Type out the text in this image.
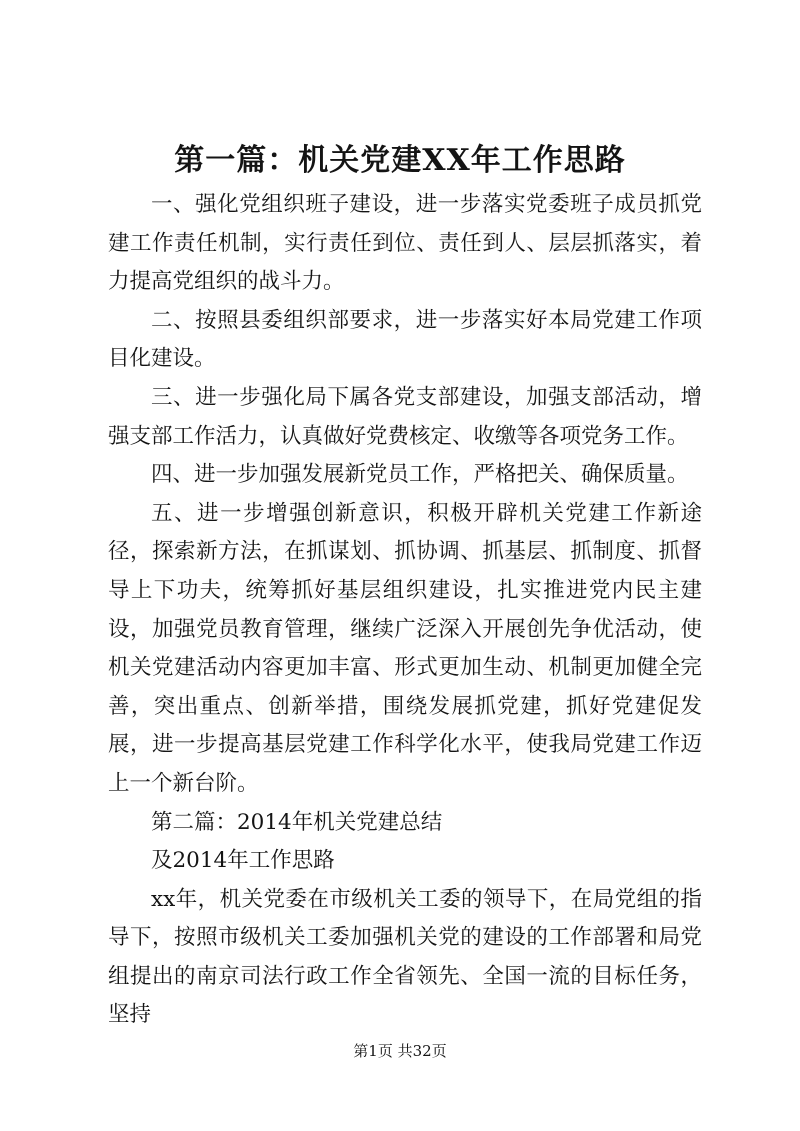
第一篇：机关党建XX年工作思路

一、强化党组织班子建设，进一步落实党委班子成员抓党建工作责任机制，实行责任到位、责任到人、层层抓落实，着力提高党组织的战斗力。

二、按照县委组织部要求，进一步落实好本局党建工作项目化建设。

三、进一步强化局下属各党支部建设，加强支部活动，增强支部工作活力，认真做好党费核定、收缴等各项党务工作。

四、进一步加强发展新党员工作，严格把关、确保质量。

五、进一步增强创新意识，积极开辟机关党建工作新途径，探索新方法，在抓谋划、抓协调、抓基层、抓制度、抓督导上下功夫，统筹抓好基层组织建设，扎实推进党内民主建设，加强党员教育管理，继续广泛深入开展创先争优活动，使机关党建活动内容更加丰富、形式更加生动、机制更加健全完善，突出重点、创新举措，围绕发展抓党建，抓好党建促发展，进一步提高基层党建工作科学化水平，使我局党建工作迈上一个新台阶。

第二篇：2014年机关党建总结

及2014年工作思路

xx年，机关党委在市级机关工委的领导下，在局党组的指导下，按照市级机关工委加强机关党的建设的工作部署和局党组提出的南京司法行政工作全省领先、全国一流的目标任务，坚持

第1页 共32页
